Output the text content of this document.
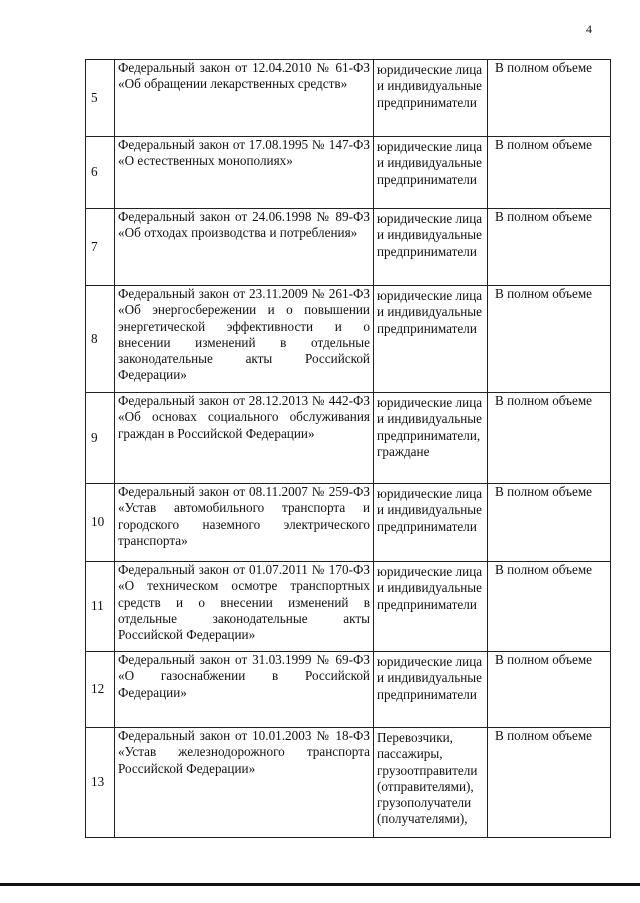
4
5	Федеральный закон от 12.04.2010 № 61-ФЗ «Об обращении лекарственных средств»	юридические лица и индивидуальные предприниматели	В полном объеме
6	Федеральный закон от 17.08.1995 № 147-ФЗ «О естественных монополиях»	юридические лица и индивидуальные предприниматели	В полном объеме
7	Федеральный закон от 24.06.1998 № 89-ФЗ «Об отходах производства и потребления»	юридические лица и индивидуальные предприниматели	В полном объеме
8	Федеральный закон от 23.11.2009 № 261-ФЗ «Об энергосбережении и о повышении энергетической эффективности и о внесении изменений в отдельные законодательные акты Российской Федерации»	юридические лица и индивидуальные предприниматели	В полном объеме
9	Федеральный закон от 28.12.2013 № 442-ФЗ «Об основах социального обслуживания граждан в Российской Федерации»	юридические лица и индивидуальные предприниматели, граждане	В полном объеме
10	Федеральный закон от 08.11.2007 № 259-ФЗ «Устав автомобильного транспорта и городского наземного электрического транспорта»	юридические лица и индивидуальные предприниматели	В полном объеме
11	Федеральный закон от 01.07.2011 № 170-ФЗ «О техническом осмотре транспортных средств и о внесении изменений в отдельные законодательные акты Российской Федерации»	юридические лица и индивидуальные предприниматели	В полном объеме
12	Федеральный закон от 31.03.1999 № 69-ФЗ «О газоснабжении в Российской Федерации»	юридические лица и индивидуальные предприниматели	В полном объеме
13	Федеральный закон от 10.01.2003 № 18-ФЗ «Устав железнодорожного транспорта Российской Федерации»	Перевозчики, пассажиры, грузоотправители (отправителями), грузополучатели (получателями),	В полном объеме
